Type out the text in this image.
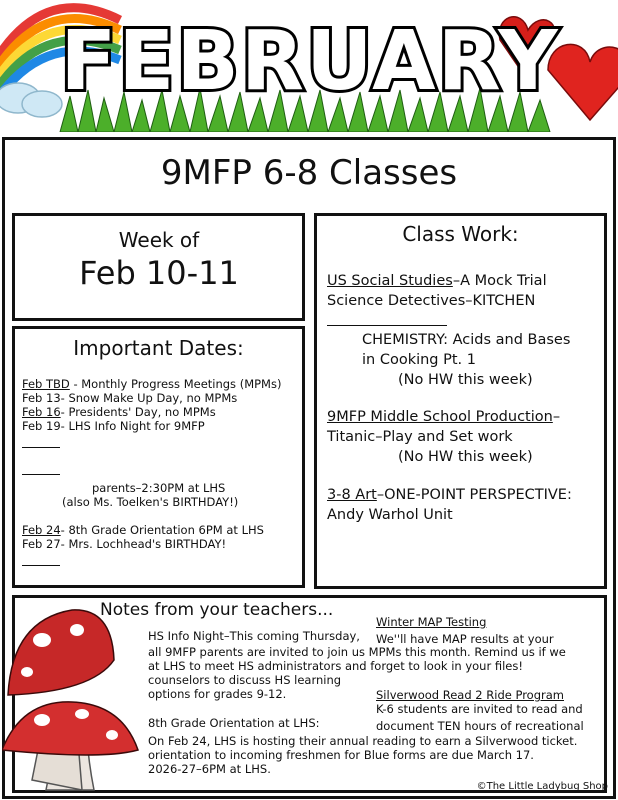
FEBRUARY
9MFP 6-8 Classes
Week of
Feb 10-11
Important Dates:
Feb TBD - Monthly Progress Meetings (MPMs)
Feb 13- Snow Make Up Day, no MPMs
Feb 16- Presidents' Day, no MPMs
Feb 19- LHS Info Night for 9MFP
parents–2:30PM at LHS
(also Ms. Toelken's BIRTHDAY!)
Feb 24- 8th Grade Orientation 6PM at LHS
Feb 27- Mrs. Lochhead's BIRTHDAY!
Class Work:
US Social Studies–A Mock Trial
Science Detectives–KITCHEN
CHEMISTRY: Acids and Bases
in Cooking Pt. 1
(No HW this week)
9MFP Middle School Production–
Titanic–Play and Set work
(No HW this week)
3-8 Art–ONE-POINT PERSPECTIVE:
Andy Warhol Unit
Notes from your teachers...
HS Info Night–This coming Thursday,
all 9MFP parents are invited to join us MPMs this month. Remind us if we
at LHS to meet HS administrators and forget to look in your files!
counselors to discuss HS learning
options for grades 9-12.
Winter MAP Testing
We''ll have MAP results at your
Silverwood Read 2 Ride Program
K-6 students are invited to read and
8th Grade Orientation at LHS:	document TEN hours of recreational
On Feb 24, LHS is hosting their annual reading to earn a Silverwood ticket.
orientation to incoming freshmen for Blue forms are due March 17.
2026-27–6PM at LHS.
©The Little Ladybug Shop
